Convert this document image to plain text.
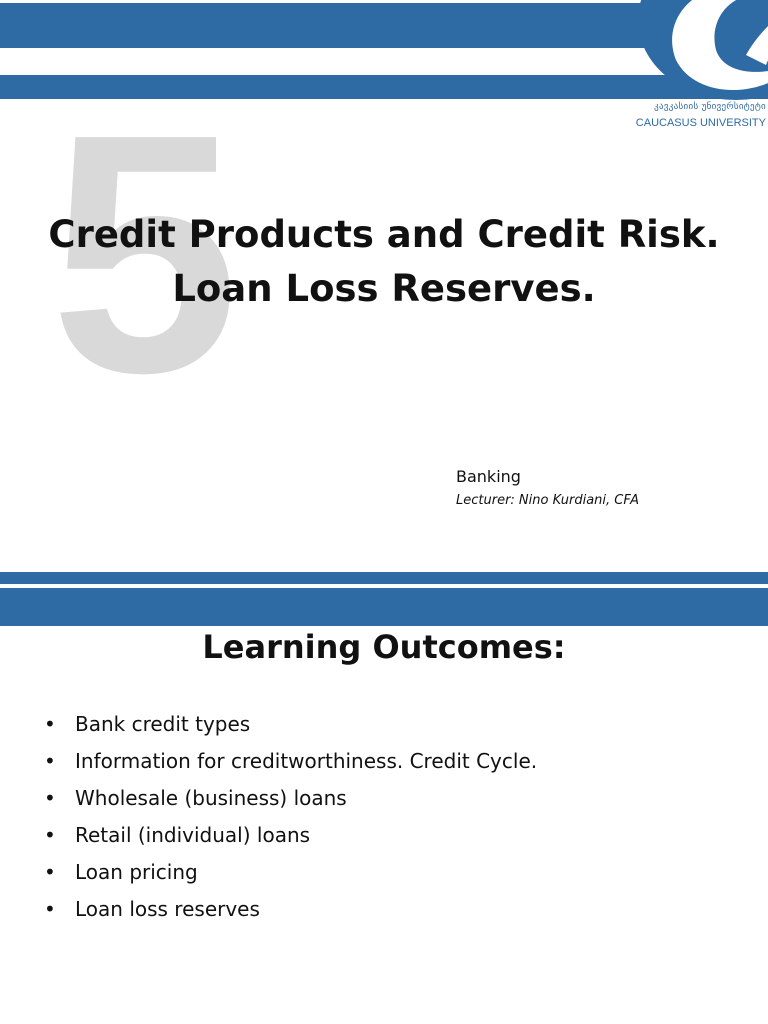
კავკასიის უნივერსიტეტი
CAUCASUS UNIVERSITY
5
Credit Products and Credit Risk.
Loan Loss Reserves.
Banking
Lecturer: Nino Kurdiani, CFA
Learning Outcomes:
• Bank credit types
• Information for creditworthiness. Credit Cycle.
• Wholesale (business) loans
• Retail (individual) loans
• Loan pricing
• Loan loss reserves
